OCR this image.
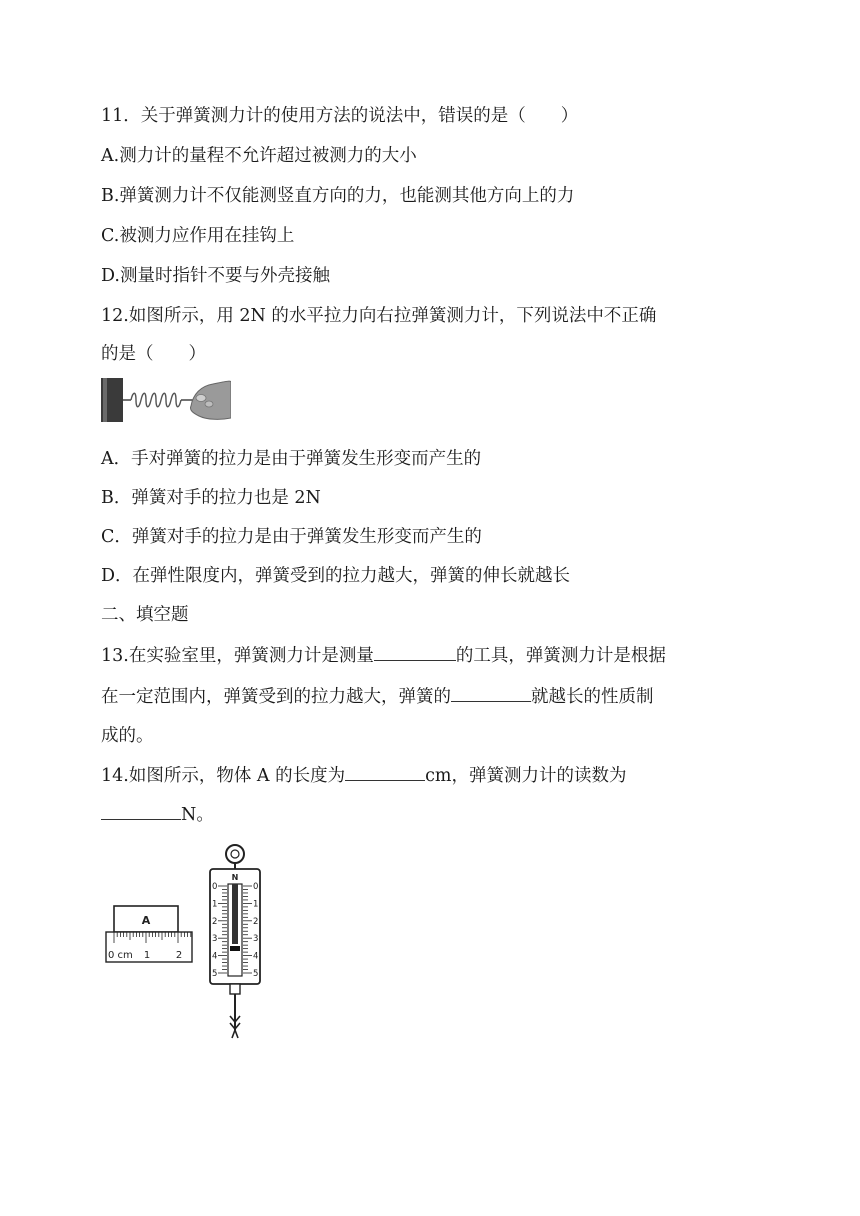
11．关于弹簧测力计的使用方法的说法中，错误的是（　　）
A.测力计的量程不允许超过被测力的大小
B.弹簧测力计不仅能测竖直方向的力，也能测其他方向上的力
C.被测力应作用在挂钩上
D.测量时指针不要与外壳接触
12.如图所示，用 2N 的水平拉力向右拉弹簧测力计，下列说法中不正确
的是（　　）
A．手对弹簧的拉力是由于弹簧发生形变而产生的
B．弹簧对手的拉力也是 2N
C．弹簧对手的拉力是由于弹簧发生形变而产生的
D．在弹性限度内，弹簧受到的拉力越大，弹簧的伸长就越长
二、填空题
13.在实验室里，弹簧测力计是测量	的工具，弹簧测力计是根据
在一定范围内，弹簧受到的拉力越大，弹簧的	就越长的性质制
成的。
14.如图所示，物体 A 的长度为	cm，弹簧测力计的读数为
N。
A
0 cm 1	2
N
0	0
1	1
2	2
3	3
4	4
5	5
